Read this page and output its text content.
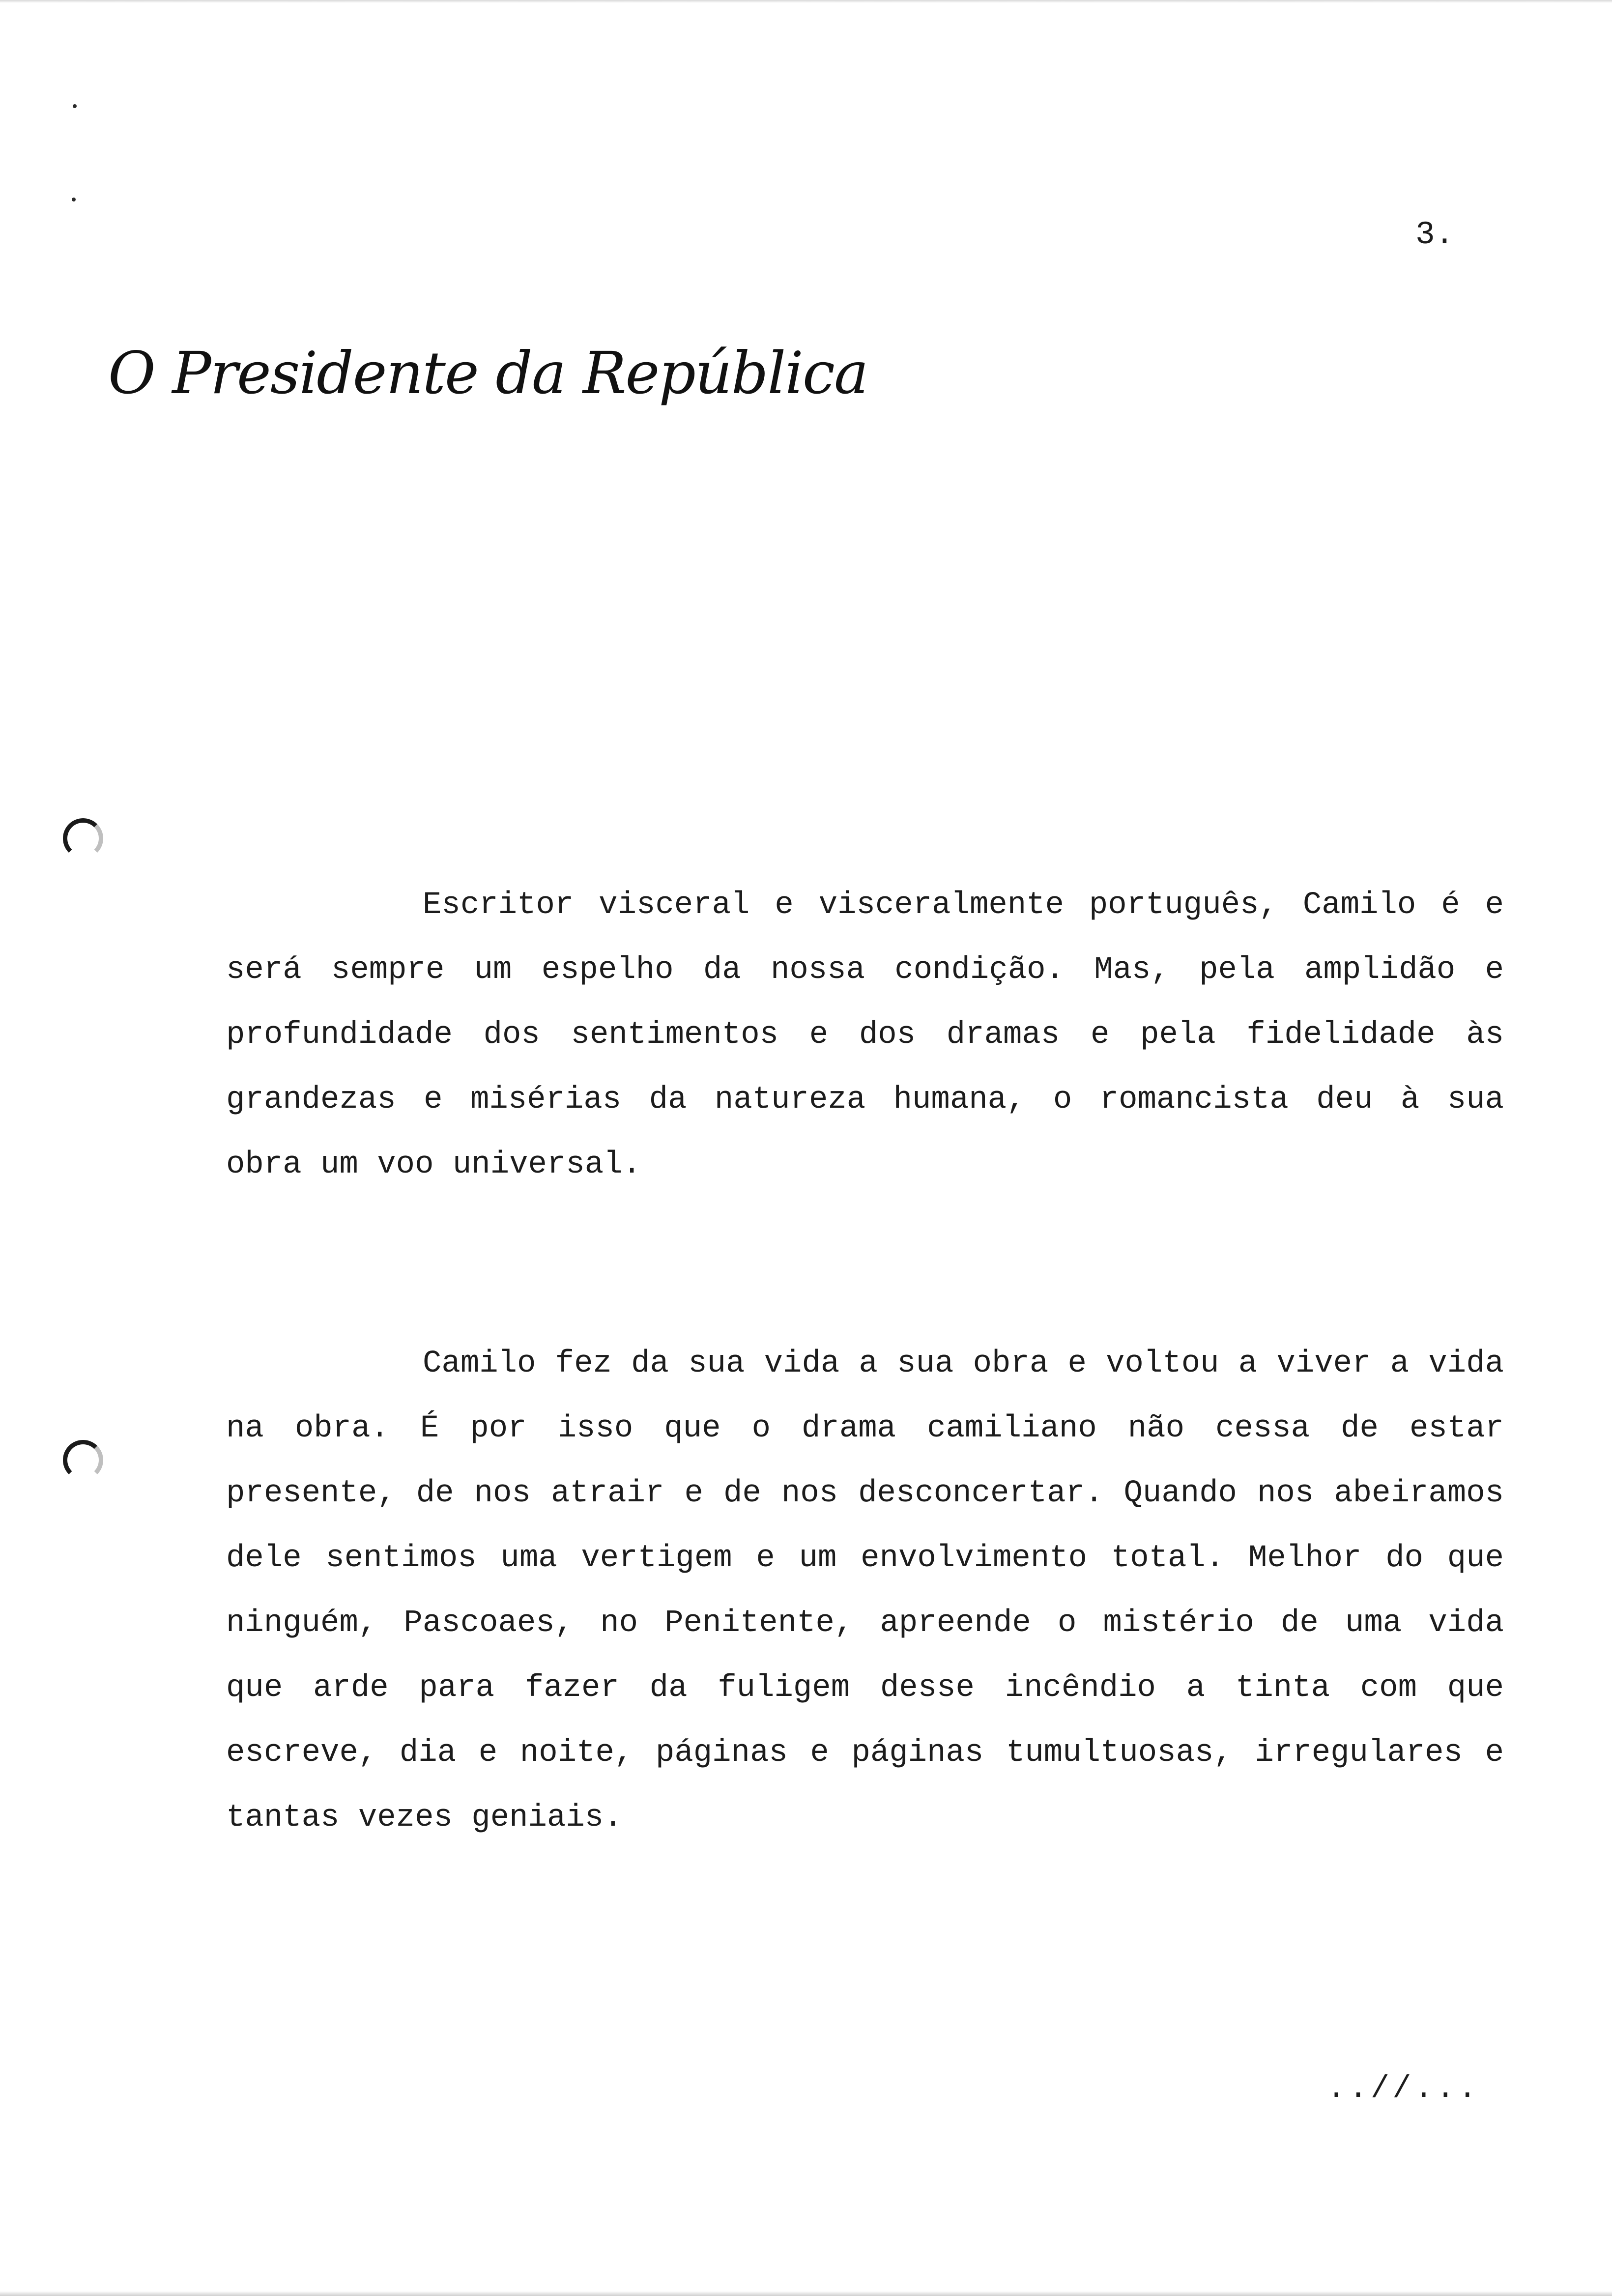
3.
O Presidente da República

Escritor visceral e visceralmente português, Camilo é e será sempre um espelho da nossa condição. Mas, pela amplidão e profundidade dos sentimentos e dos dramas e pela fidelidade às grandezas e misérias da natureza humana, o romancista deu à sua obra um voo universal.

Camilo fez da sua vida a sua obra e voltou a viver a vida na obra. É por isso que o drama camiliano não cessa de estar presente, de nos atrair e de nos desconcertar. Quando nos abeiramos dele sentimos uma vertigem e um envolvimento total. Melhor do que ninguém, Pascoaes, no Penitente, apreende o mistério de uma vida que arde para fazer da fuligem desse incêndio a tinta com que escreve, dia e noite, páginas e páginas tumultuosas, irregulares e tantas vezes geniais.

..//...
